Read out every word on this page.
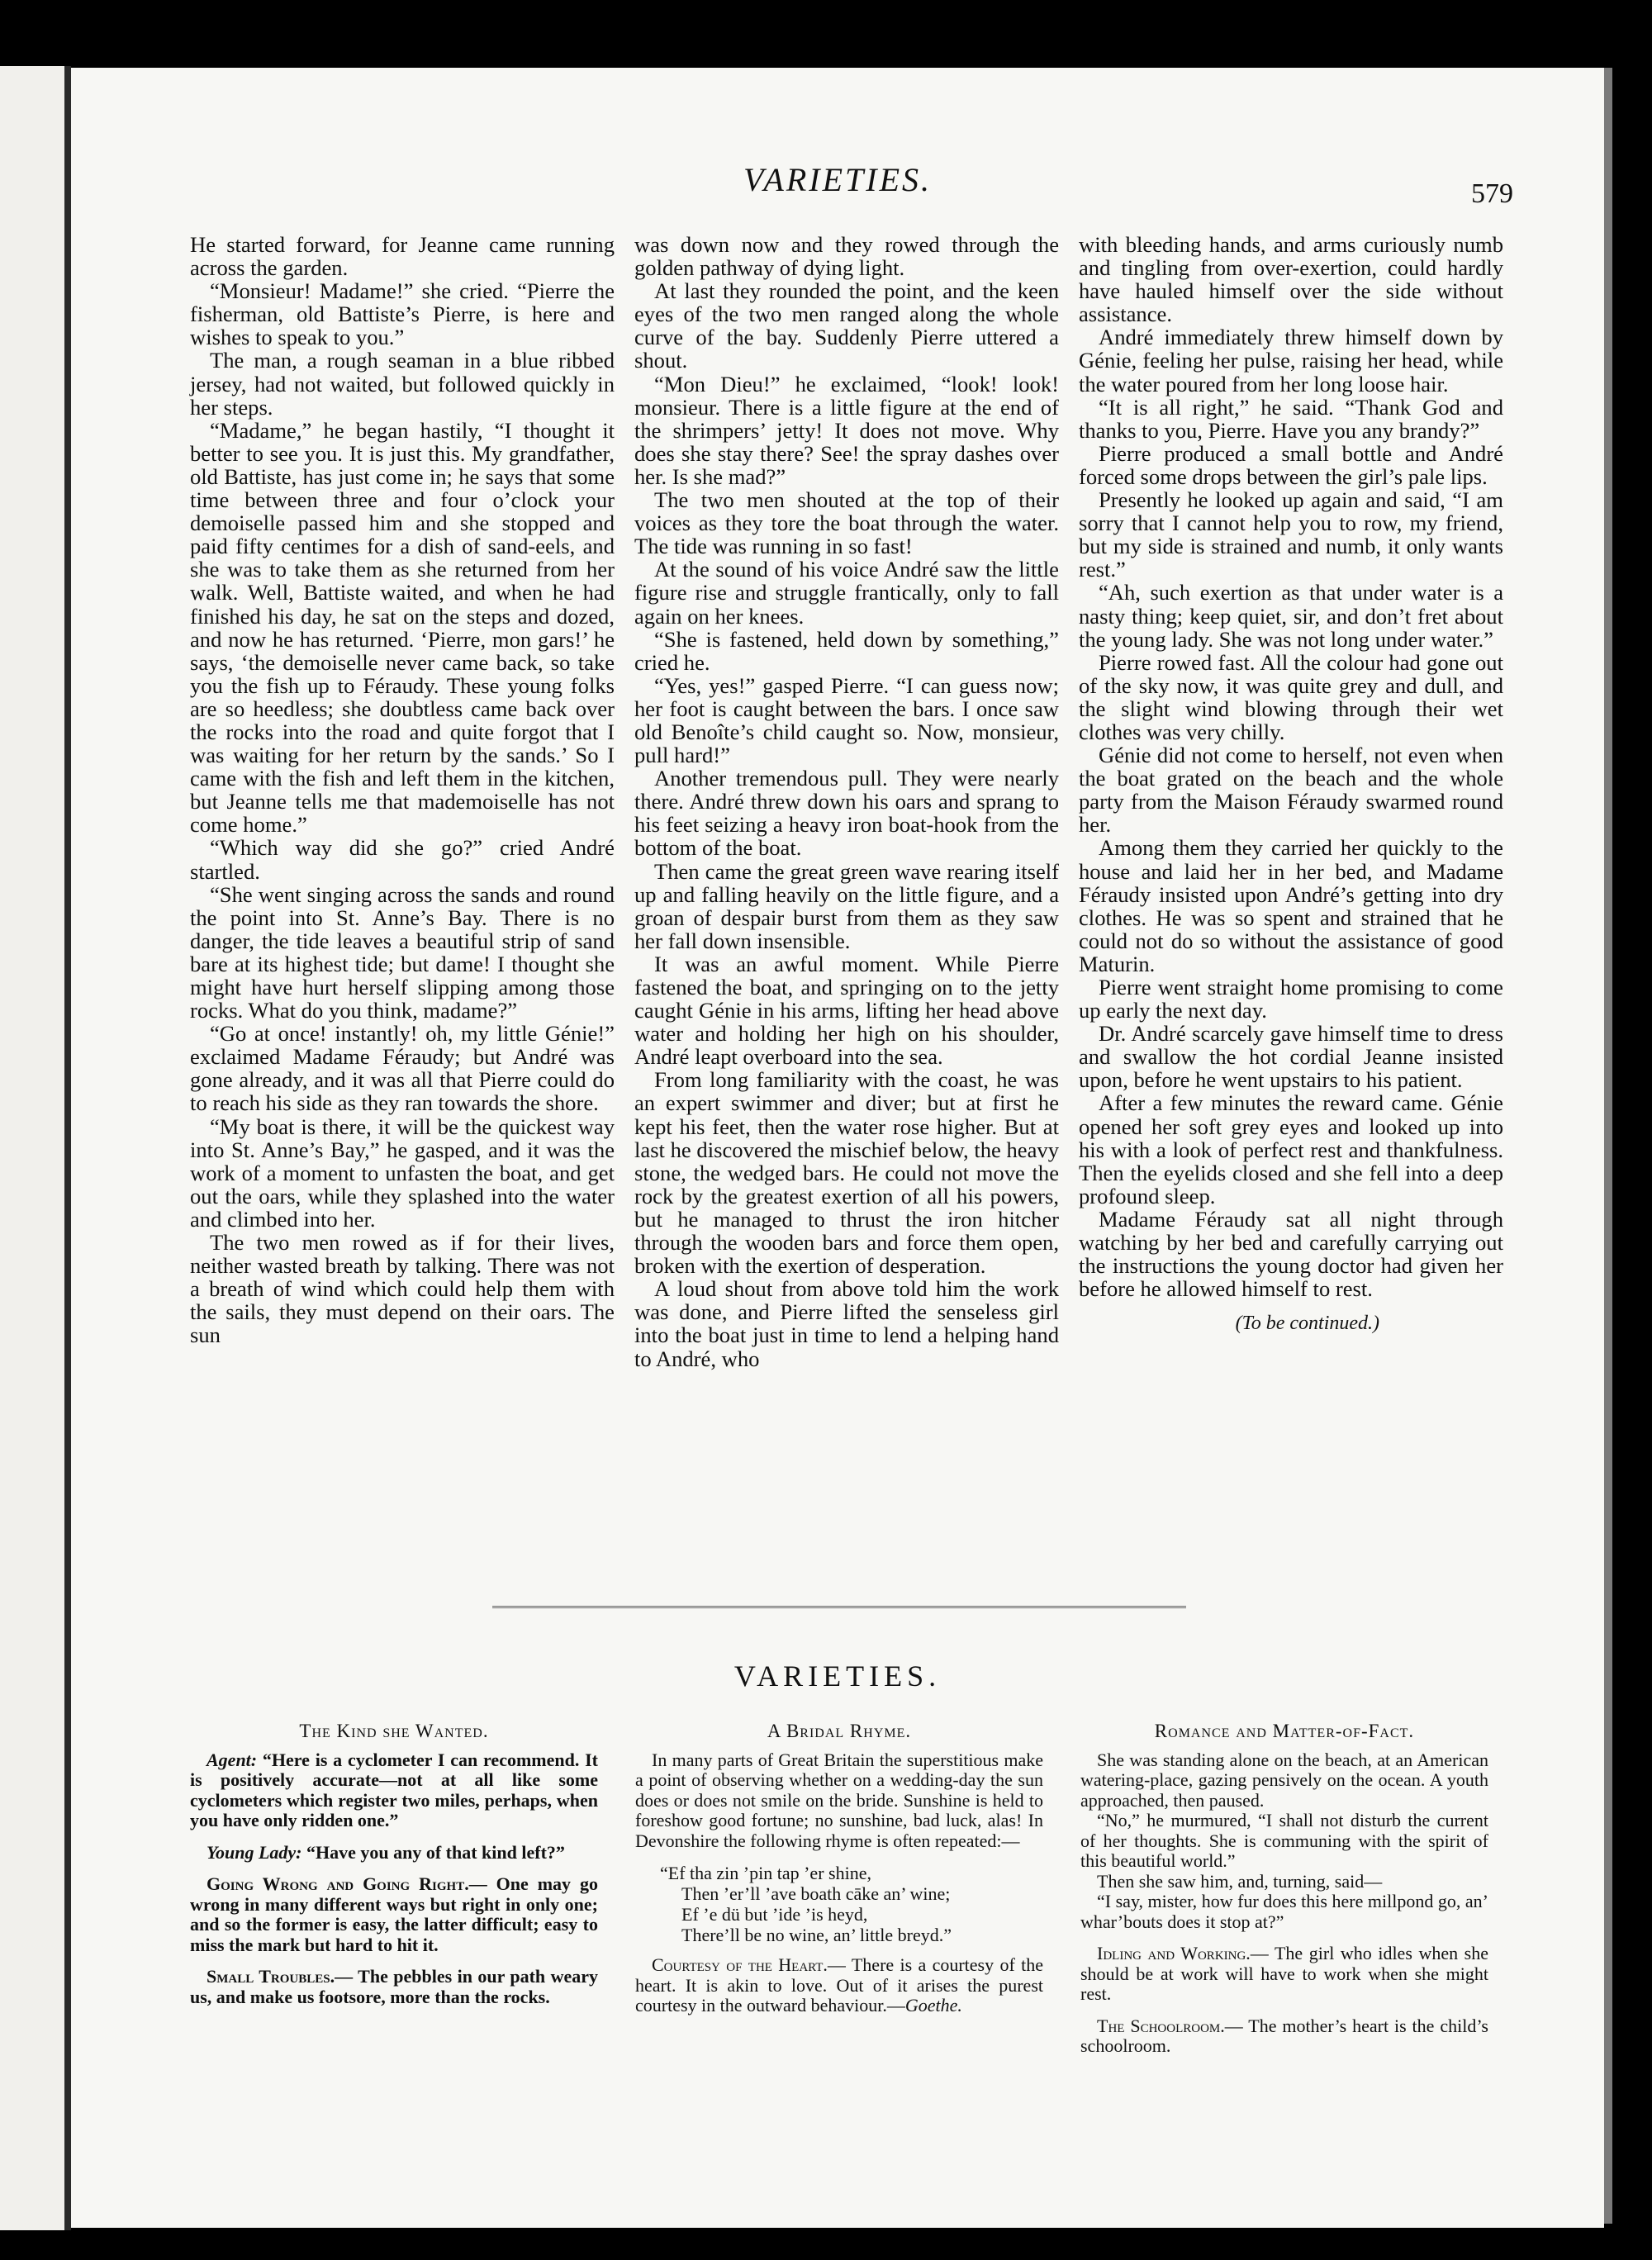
VARIETIES.	579

He started forward, for Jeanne came running across the garden.

“Monsieur! Madame!” she cried. “Pierre the fisherman, old Battiste’s Pierre, is here and wishes to speak to you.”

The man, a rough seaman in a blue ribbed jersey, had not waited, but followed quickly in her steps.

“Madame,” he began hastily, “I thought it better to see you. It is just this. My grandfather, old Battiste, has just come in; he says that some time between three and four o’clock your demoiselle passed him and she stopped and paid fifty centimes for a dish of sand-eels, and she was to take them as she returned from her walk. Well, Battiste waited, and when he had finished his day, he sat on the steps and dozed, and now he has returned. ‘Pierre, mon gars!’ he says, ‘the demoiselle never came back, so take you the fish up to Féraudy. These young folks are so heedless; she doubtless came back over the rocks into the road and quite forgot that I was waiting for her return by the sands.’ So I came with the fish and left them in the kitchen, but Jeanne tells me that mademoiselle has not come home.”

“Which way did she go?” cried André startled.

“She went singing across the sands and round the point into St. Anne’s Bay. There is no danger, the tide leaves a beautiful strip of sand bare at its highest tide; but dame! I thought she might have hurt herself slipping among those rocks. What do you think, madame?”

“Go at once! instantly! oh, my little Génie!” exclaimed Madame Féraudy; but André was gone already, and it was all that Pierre could do to reach his side as they ran towards the shore.

“My boat is there, it will be the quickest way into St. Anne’s Bay,” he gasped, and it was the work of a moment to unfasten the boat, and get out the oars, while they splashed into the water and climbed into her.

The two men rowed as if for their lives, neither wasted breath by talking. There was not a breath of wind which could help them with the sails, they must depend on their oars. The sun

was down now and they rowed through the golden pathway of dying light.

At last they rounded the point, and the keen eyes of the two men ranged along the whole curve of the bay. Suddenly Pierre uttered a shout.

“Mon Dieu!” he exclaimed, “look! look! monsieur. There is a little figure at the end of the shrimpers’ jetty! It does not move. Why does she stay there? See! the spray dashes over her. Is she mad?”

The two men shouted at the top of their voices as they tore the boat through the water. The tide was running in so fast!

At the sound of his voice André saw the little figure rise and struggle frantically, only to fall again on her knees.

“She is fastened, held down by something,” cried he.

“Yes, yes!” gasped Pierre. “I can guess now; her foot is caught between the bars. I once saw old Benoîte’s child caught so. Now, monsieur, pull hard!”

Another tremendous pull. They were nearly there. André threw down his oars and sprang to his feet seizing a heavy iron boat-hook from the bottom of the boat.

Then came the great green wave rearing itself up and falling heavily on the little figure, and a groan of despair burst from them as they saw her fall down insensible.

It was an awful moment. While Pierre fastened the boat, and springing on to the jetty caught Génie in his arms, lifting her head above water and holding her high on his shoulder, André leapt overboard into the sea.

From long familiarity with the coast, he was an expert swimmer and diver; but at first he kept his feet, then the water rose higher. But at last he discovered the mischief below, the heavy stone, the wedged bars. He could not move the rock by the greatest exertion of all his powers, but he managed to thrust the iron hitcher through the wooden bars and force them open, broken with the exertion of desperation.

A loud shout from above told him the work was done, and Pierre lifted the senseless girl into the boat just in time to lend a helping hand to André, who

with bleeding hands, and arms curiously numb and tingling from over-exertion, could hardly have hauled himself over the side without assistance.

André immediately threw himself down by Génie, feeling her pulse, raising her head, while the water poured from her long loose hair.

“It is all right,” he said. “Thank God and thanks to you, Pierre. Have you any brandy?”

Pierre produced a small bottle and André forced some drops between the girl’s pale lips.

Presently he looked up again and said, “I am sorry that I cannot help you to row, my friend, but my side is strained and numb, it only wants rest.”

“Ah, such exertion as that under water is a nasty thing; keep quiet, sir, and don’t fret about the young lady. She was not long under water.”

Pierre rowed fast. All the colour had gone out of the sky now, it was quite grey and dull, and the slight wind blowing through their wet clothes was very chilly.

Génie did not come to herself, not even when the boat grated on the beach and the whole party from the Maison Féraudy swarmed round her.

Among them they carried her quickly to the house and laid her in her bed, and Madame Féraudy insisted upon André’s getting into dry clothes. He was so spent and strained that he could not do so without the assistance of good Maturin.

Pierre went straight home promising to come up early the next day.

Dr. André scarcely gave himself time to dress and swallow the hot cordial Jeanne insisted upon, before he went upstairs to his patient.

After a few minutes the reward came. Génie opened her soft grey eyes and looked up into his with a look of perfect rest and thankfulness. Then the eyelids closed and she fell into a deep profound sleep.

Madame Féraudy sat all night through watching by her bed and carefully carrying out the instructions the young doctor had given her before he allowed himself to rest.

(To be continued.)
VARIETIES.
The Kind she Wanted.

Agent: “Here is a cyclometer I can recommend. It is positively accurate—not at all like some cyclometers which register two miles, perhaps, when you have only ridden one.”

Young Lady: “Have you any of that kind left?”

Going Wrong and Going Right.— One may go wrong in many different ways but right in only one; and so the former is easy, the latter difficult; easy to miss the mark but hard to hit it.

Small Troubles.— The pebbles in our path weary us, and make us footsore, more than the rocks.

A Bridal Rhyme.

In many parts of Great Britain the superstitious make a point of observing whether on a wedding-day the sun does or does not smile on the bride. Sunshine is held to foreshow good fortune; no sunshine, bad luck, alas! In Devonshire the following rhyme is often repeated:—

“Ef tha zin ’pin tap ’er shine,
Then ’er’ll ’ave boath cāke an’ wine;
Ef ’e dü but ’ide ’is heyd,
There’ll be no wine, an’ little breyd.”

Courtesy of the Heart.— There is a courtesy of the heart. It is akin to love. Out of it arises the purest courtesy in the outward behaviour.—Goethe.

Romance and Matter-of-Fact.

She was standing alone on the beach, at an American watering-place, gazing pensively on the ocean. A youth approached, then paused.

“No,” he murmured, “I shall not disturb the current of her thoughts. She is communing with the spirit of this beautiful world.”

Then she saw him, and, turning, said—

“I say, mister, how fur does this here millpond go, an’ whar’bouts does it stop at?”

Idling and Working.— The girl who idles when she should be at work will have to work when she might rest.

The Schoolroom.— The mother’s heart is the child’s schoolroom.
